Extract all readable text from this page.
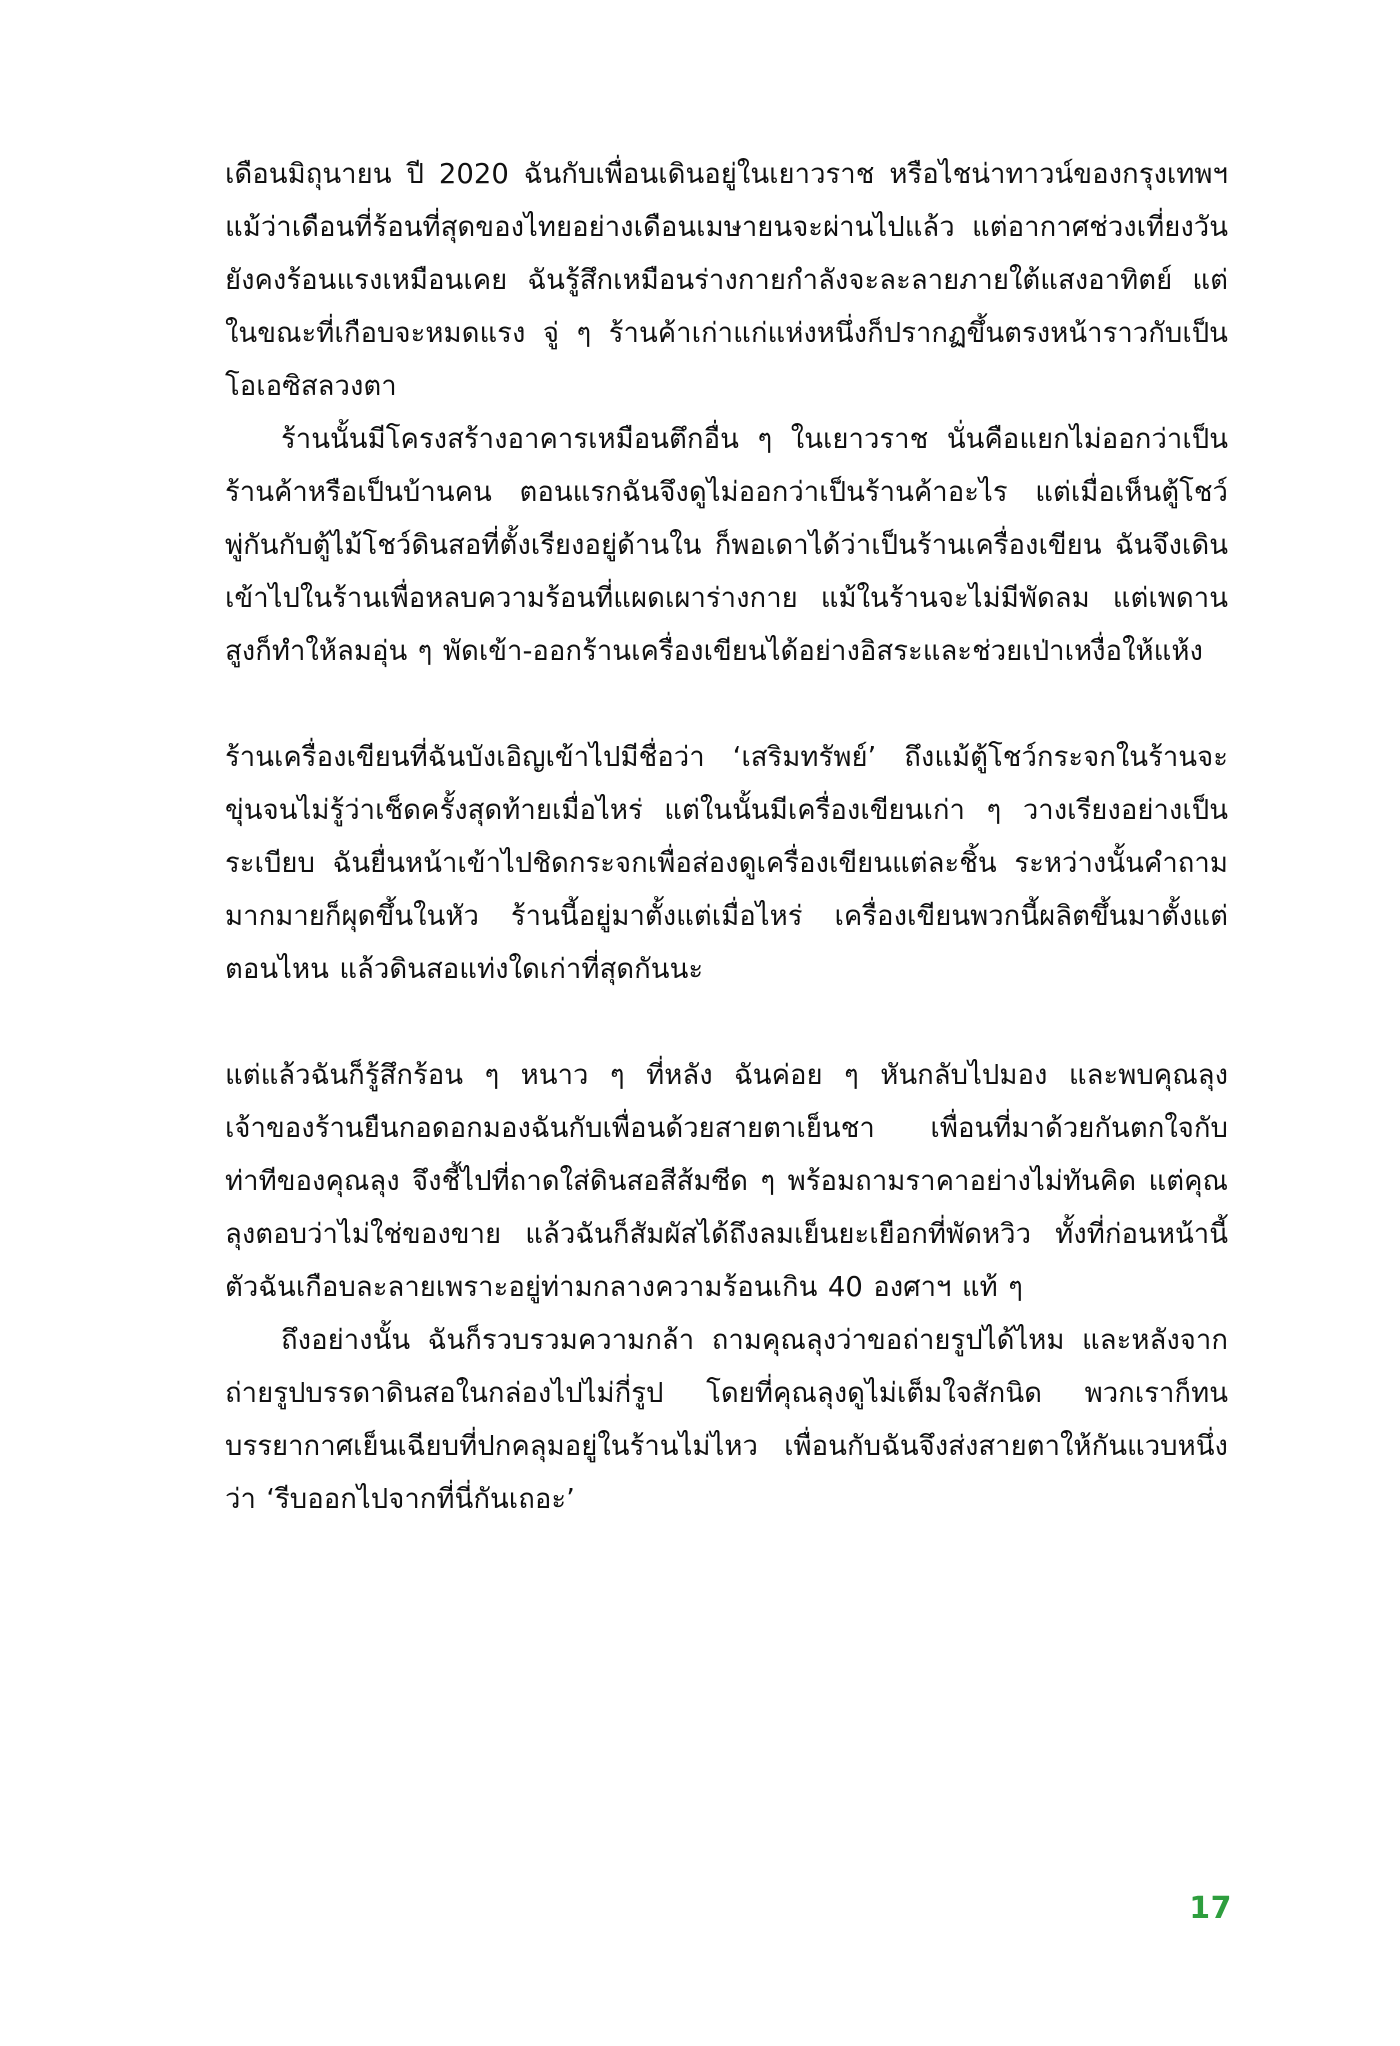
เดือนมิถุนายน ปี 2020 ฉันกับเพื่อนเดินอยู่ในเยาวราช หรือไชน่าทาวน์ของกรุงเทพฯ แม้ว่าเดือนที่ร้อนที่สุดของไทยอย่างเดือนเมษายนจะผ่านไปแล้ว แต่อากาศช่วงเที่ยงวันยังคงร้อนแรงเหมือนเคย ฉันรู้สึกเหมือนร่างกายกำลังจะละลายภายใต้แสงอาทิตย์ แต่ในขณะที่เกือบจะหมดแรง จู่ ๆ ร้านค้าเก่าแก่แห่งหนึ่งก็ปรากฏขึ้นตรงหน้าราวกับเป็นโอเอซิสลวงตา

ร้านนั้นมีโครงสร้างอาคารเหมือนตึกอื่น ๆ ในเยาวราช นั่นคือแยกไม่ออกว่าเป็นร้านค้าหรือเป็นบ้านคน ตอนแรกฉันจึงดูไม่ออกว่าเป็นร้านค้าอะไร แต่เมื่อเห็นตู้โชว์พู่กันกับตู้ไม้โชว์ดินสอที่ตั้งเรียงอยู่ด้านใน ก็พอเดาได้ว่าเป็นร้านเครื่องเขียน ฉันจึงเดินเข้าไปในร้านเพื่อหลบความร้อนที่แผดเผาร่างกาย แม้ในร้านจะไม่มีพัดลม แต่เพดานสูงก็ทำให้ลมอุ่น ๆ พัดเข้า-ออกร้านเครื่องเขียนได้อย่างอิสระและช่วยเป่าเหงื่อให้แห้ง

ร้านเครื่องเขียนที่ฉันบังเอิญเข้าไปมีชื่อว่า ‘เสริมทรัพย์’ ถึงแม้ตู้โชว์กระจกในร้านจะขุ่นจนไม่รู้ว่าเช็ดครั้งสุดท้ายเมื่อไหร่ แต่ในนั้นมีเครื่องเขียนเก่า ๆ วางเรียงอย่างเป็นระเบียบ ฉันยื่นหน้าเข้าไปชิดกระจกเพื่อส่องดูเครื่องเขียนแต่ละชิ้น ระหว่างนั้นคำถามมากมายก็ผุดขึ้นในหัว ร้านนี้อยู่มาตั้งแต่เมื่อไหร่ เครื่องเขียนพวกนี้ผลิตขึ้นมาตั้งแต่ตอนไหน แล้วดินสอแท่งใดเก่าที่สุดกันนะ

แต่แล้วฉันก็รู้สึกร้อน ๆ หนาว ๆ ที่หลัง ฉันค่อย ๆ หันกลับไปมอง และพบคุณลุงเจ้าของร้านยืนกอดอกมองฉันกับเพื่อนด้วยสายตาเย็นชา เพื่อนที่มาด้วยกันตกใจกับท่าทีของคุณลุง จึงชี้ไปที่ถาดใส่ดินสอสีส้มซีด ๆ พร้อมถามราคาอย่างไม่ทันคิด แต่คุณลุงตอบว่าไม่ใช่ของขาย แล้วฉันก็สัมผัสได้ถึงลมเย็นยะเยือกที่พัดหวิว ทั้งที่ก่อนหน้านี้ตัวฉันเกือบละลายเพราะอยู่ท่ามกลางความร้อนเกิน 40 องศาฯ แท้ ๆ

ถึงอย่างนั้น ฉันก็รวบรวมความกล้า ถามคุณลุงว่าขอถ่ายรูปได้ไหม และหลังจากถ่ายรูปบรรดาดินสอในกล่องไปไม่กี่รูป โดยที่คุณลุงดูไม่เต็มใจสักนิด พวกเราก็ทนบรรยากาศเย็นเฉียบที่ปกคลุมอยู่ในร้านไม่ไหว เพื่อนกับฉันจึงส่งสายตาให้กันแวบหนึ่งว่า ‘รีบออกไปจากที่นี่กันเถอะ’

17
